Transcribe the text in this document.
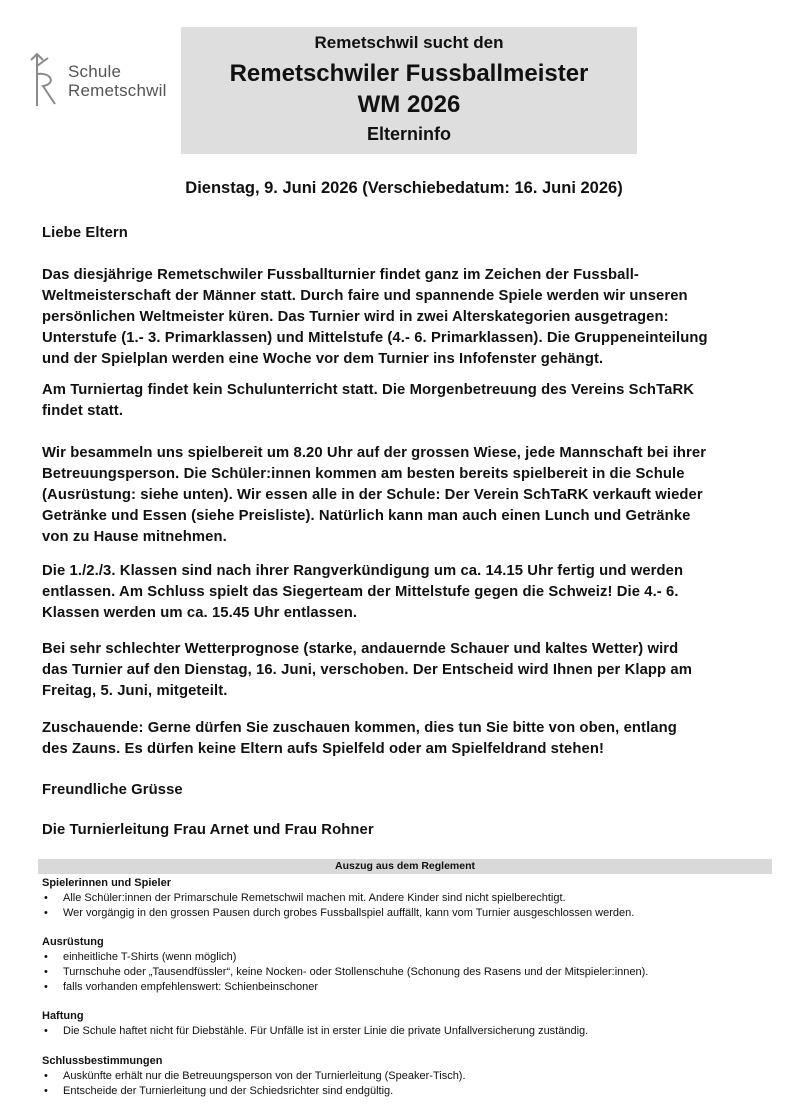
Schule
Remetschwil
Remetschwil sucht den
Remetschwiler Fussballmeister
WM 2026
Elterninfo
Dienstag, 9. Juni 2026 (Verschiebedatum: 16. Juni 2026)

Liebe Eltern

Das diesjährige Remetschwiler Fussballturnier findet ganz im Zeichen der Fussball-
Weltmeisterschaft der Männer statt. Durch faire und spannende Spiele werden wir unseren
persönlichen Weltmeister küren. Das Turnier wird in zwei Alterskategorien ausgetragen:
Unterstufe (1.- 3. Primarklassen) und Mittelstufe (4.- 6. Primarklassen). Die Gruppeneinteilung
und der Spielplan werden eine Woche vor dem Turnier ins Infofenster gehängt.

Am Turniertag findet kein Schulunterricht statt. Die Morgenbetreuung des Vereins SchTaRK
findet statt.

Wir besammeln uns spielbereit um 8.20 Uhr auf der grossen Wiese, jede Mannschaft bei ihrer
Betreuungsperson. Die Schüler:innen kommen am besten bereits spielbereit in die Schule
(Ausrüstung: siehe unten). Wir essen alle in der Schule: Der Verein SchTaRK verkauft wieder
Getränke und Essen (siehe Preisliste). Natürlich kann man auch einen Lunch und Getränke
von zu Hause mitnehmen.

Die 1./2./3. Klassen sind nach ihrer Rangverkündigung um ca. 14.15 Uhr fertig und werden
entlassen. Am Schluss spielt das Siegerteam der Mittelstufe gegen die Schweiz! Die 4.- 6.
Klassen werden um ca. 15.45 Uhr entlassen.

Bei sehr schlechter Wetterprognose (starke, andauernde Schauer und kaltes Wetter) wird
das Turnier auf den Dienstag, 16. Juni, verschoben. Der Entscheid wird Ihnen per Klapp am
Freitag, 5. Juni, mitgeteilt.

Zuschauende: Gerne dürfen Sie zuschauen kommen, dies tun Sie bitte von oben, entlang
des Zauns. Es dürfen keine Eltern aufs Spielfeld oder am Spielfeldrand stehen!

Freundliche Grüsse

Die Turnierleitung Frau Arnet und Frau Rohner

Auszug aus dem Reglement
Spielerinnen und Spieler
• Alle Schüler:innen der Primarschule Remetschwil machen mit. Andere Kinder sind nicht spielberechtigt.
• Wer vorgängig in den grossen Pausen durch grobes Fussballspiel auffällt, kann vom Turnier ausgeschlossen werden.
Ausrüstung
• einheitliche T-Shirts (wenn möglich)
• Turnschuhe oder „Tausendfüssler“, keine Nocken- oder Stollenschuhe (Schonung des Rasens und der Mitspieler:innen).
• falls vorhanden empfehlenswert: Schienbeinschoner
Haftung
• Die Schule haftet nicht für Diebstähle. Für Unfälle ist in erster Linie die private Unfallversicherung zuständig.
Schlussbestimmungen
• Auskünfte erhält nur die Betreuungsperson von der Turnierleitung (Speaker-Tisch).
• Entscheide der Turnierleitung und der Schiedsrichter sind endgültig.
